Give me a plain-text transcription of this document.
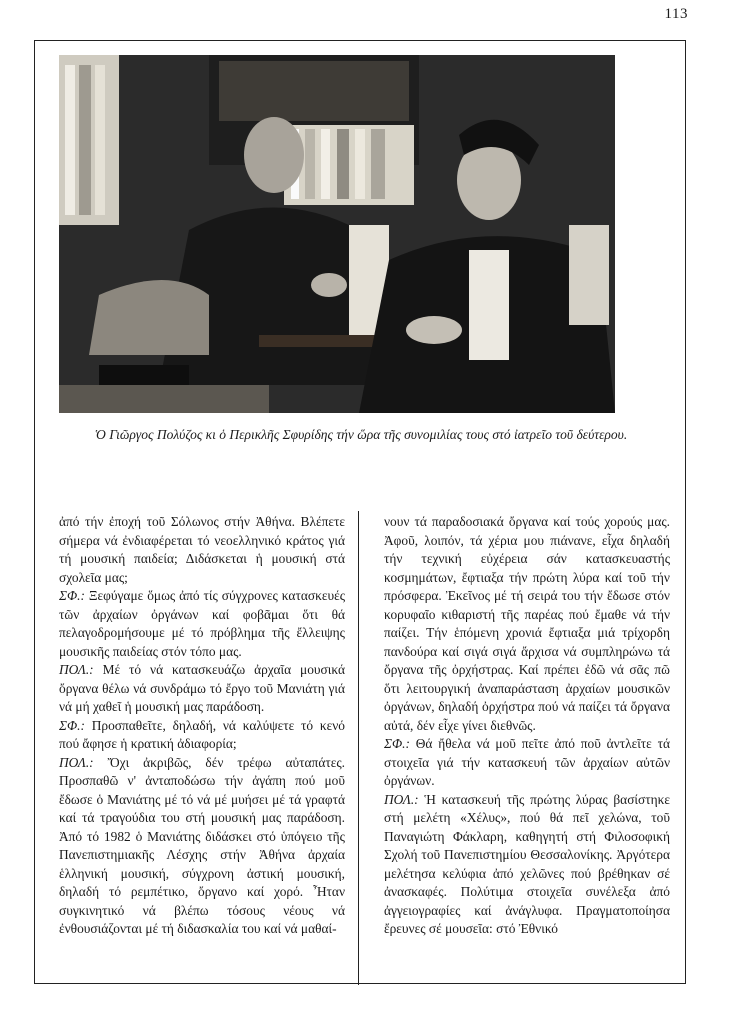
113
Ὁ Γιῶργος Πολύζος κι ὁ Περικλῆς Σφυρίδης τήν ὥρα τῆς συνομιλίας τους στό ἰατρεῖο τοῦ δεύτερου.

ἀπό τήν ἐποχή τοῦ Σόλωνος στήν Ἀθήνα. Βλέπετε σήμερα νά ἐνδιαφέρεται τό νεοελληνικό κράτος γιά τή μουσική παιδεία; Διδάσκεται ἡ μουσική στά σχολεῖα μας;

ΣΦ.: Ξεφύγαμε ὅμως ἀπό τίς σύγχρονες κατασκευές τῶν ἀρχαίων ὀργάνων καί φοβᾶμαι ὅτι θά πελαγοδρομήσουμε μέ τό πρόβλημα τῆς ἔλλειψης μουσικῆς παιδείας στόν τόπο μας.

ΠΟΛ.: Μέ τό νά κατασκευάζω ἀρχαῖα μουσικά ὄργανα θέλω νά συνδράμω τό ἔργο τοῦ Μανιάτη γιά νά μή χαθεῖ ἡ μουσική μας παράδοση.

ΣΦ.: Προσπαθεῖτε, δηλαδή, νά καλύψετε τό κενό πού ἄφησε ἡ κρατική ἀδιαφορία;

ΠΟΛ.: Ὄχι ἀκριβῶς, δέν τρέφω αὐταπάτες. Προσπαθῶ ν' ἀνταποδώσω τήν ἀγάπη πού μοῦ ἔδωσε ὁ Μανιάτης μέ τό νά μέ μυήσει μέ τά γραφτά καί τά τραγούδια του στή μουσική μας παράδοση. Ἀπό τό 1982 ὁ Μανιάτης διδάσκει στό ὑπόγειο τῆς Πανεπιστημιακῆς Λέσχης στήν Ἀθήνα ἀρχαία ἑλληνική μουσική, σύγχρονη ἀστική μουσική, δηλαδή τό ρεμπέτικο, ὄργανο καί χορό. Ἦταν συγκινητικό νά βλέπω τόσους νέους νά ἐνθουσιάζονται μέ τή διδασκαλία του καί νά μαθαί-

νουν τά παραδοσιακά ὄργανα καί τούς χορούς μας. Ἀφοῦ, λοιπόν, τά χέρια μου πιάνανε, εἶχα δηλαδή τήν τεχνική εὐχέρεια σάν κατασκευαστής κοσμημάτων, ἔφτιαξα τήν πρώτη λύρα καί τοῦ τήν πρόσφερα. Ἐκεῖνος μέ τή σειρά του τήν ἔδωσε στόν κορυφαῖο κιθαριστή τῆς παρέας πού ἔμαθε νά τήν παίζει. Τήν ἑπόμενη χρονιά ἔφτιαξα μιά τρίχορδη πανδούρα καί σιγά σιγά ἄρχισα νά συμπληρώνω τά ὄργανα τῆς ὀρχήστρας. Καί πρέπει ἐδῶ νά σᾶς πῶ ὅτι λειτουργική ἀναπαράσταση ἀρχαίων μουσικῶν ὀργάνων, δηλαδή ὀρχήστρα πού νά παίζει τά ὄργανα αὐτά, δέν εἶχε γίνει διεθνῶς.

ΣΦ.: Θά ἤθελα νά μοῦ πεῖτε ἀπό ποῦ ἀντλεῖτε τά στοιχεῖα γιά τήν κατασκευή τῶν ἀρχαίων αὐτῶν ὀργάνων.

ΠΟΛ.: Ἡ κατασκευή τῆς πρώτης λύρας βασίστηκε στή μελέτη «Χέλυς», πού θά πεῖ χελώνα, τοῦ Παναγιώτη Φάκλαρη, καθηγητή στή Φιλοσοφική Σχολή τοῦ Πανεπιστημίου Θεσσαλονίκης. Ἀργότερα μελέτησα κελύφια ἀπό χελῶνες πού βρέθηκαν σέ ἀνασκαφές. Πολύτιμα στοιχεῖα συνέλεξα ἀπό ἀγγειογραφίες καί ἀνάγλυφα. Πραγματοποίησα ἔρευνες σέ μουσεῖα: στό Ἐθνικό
